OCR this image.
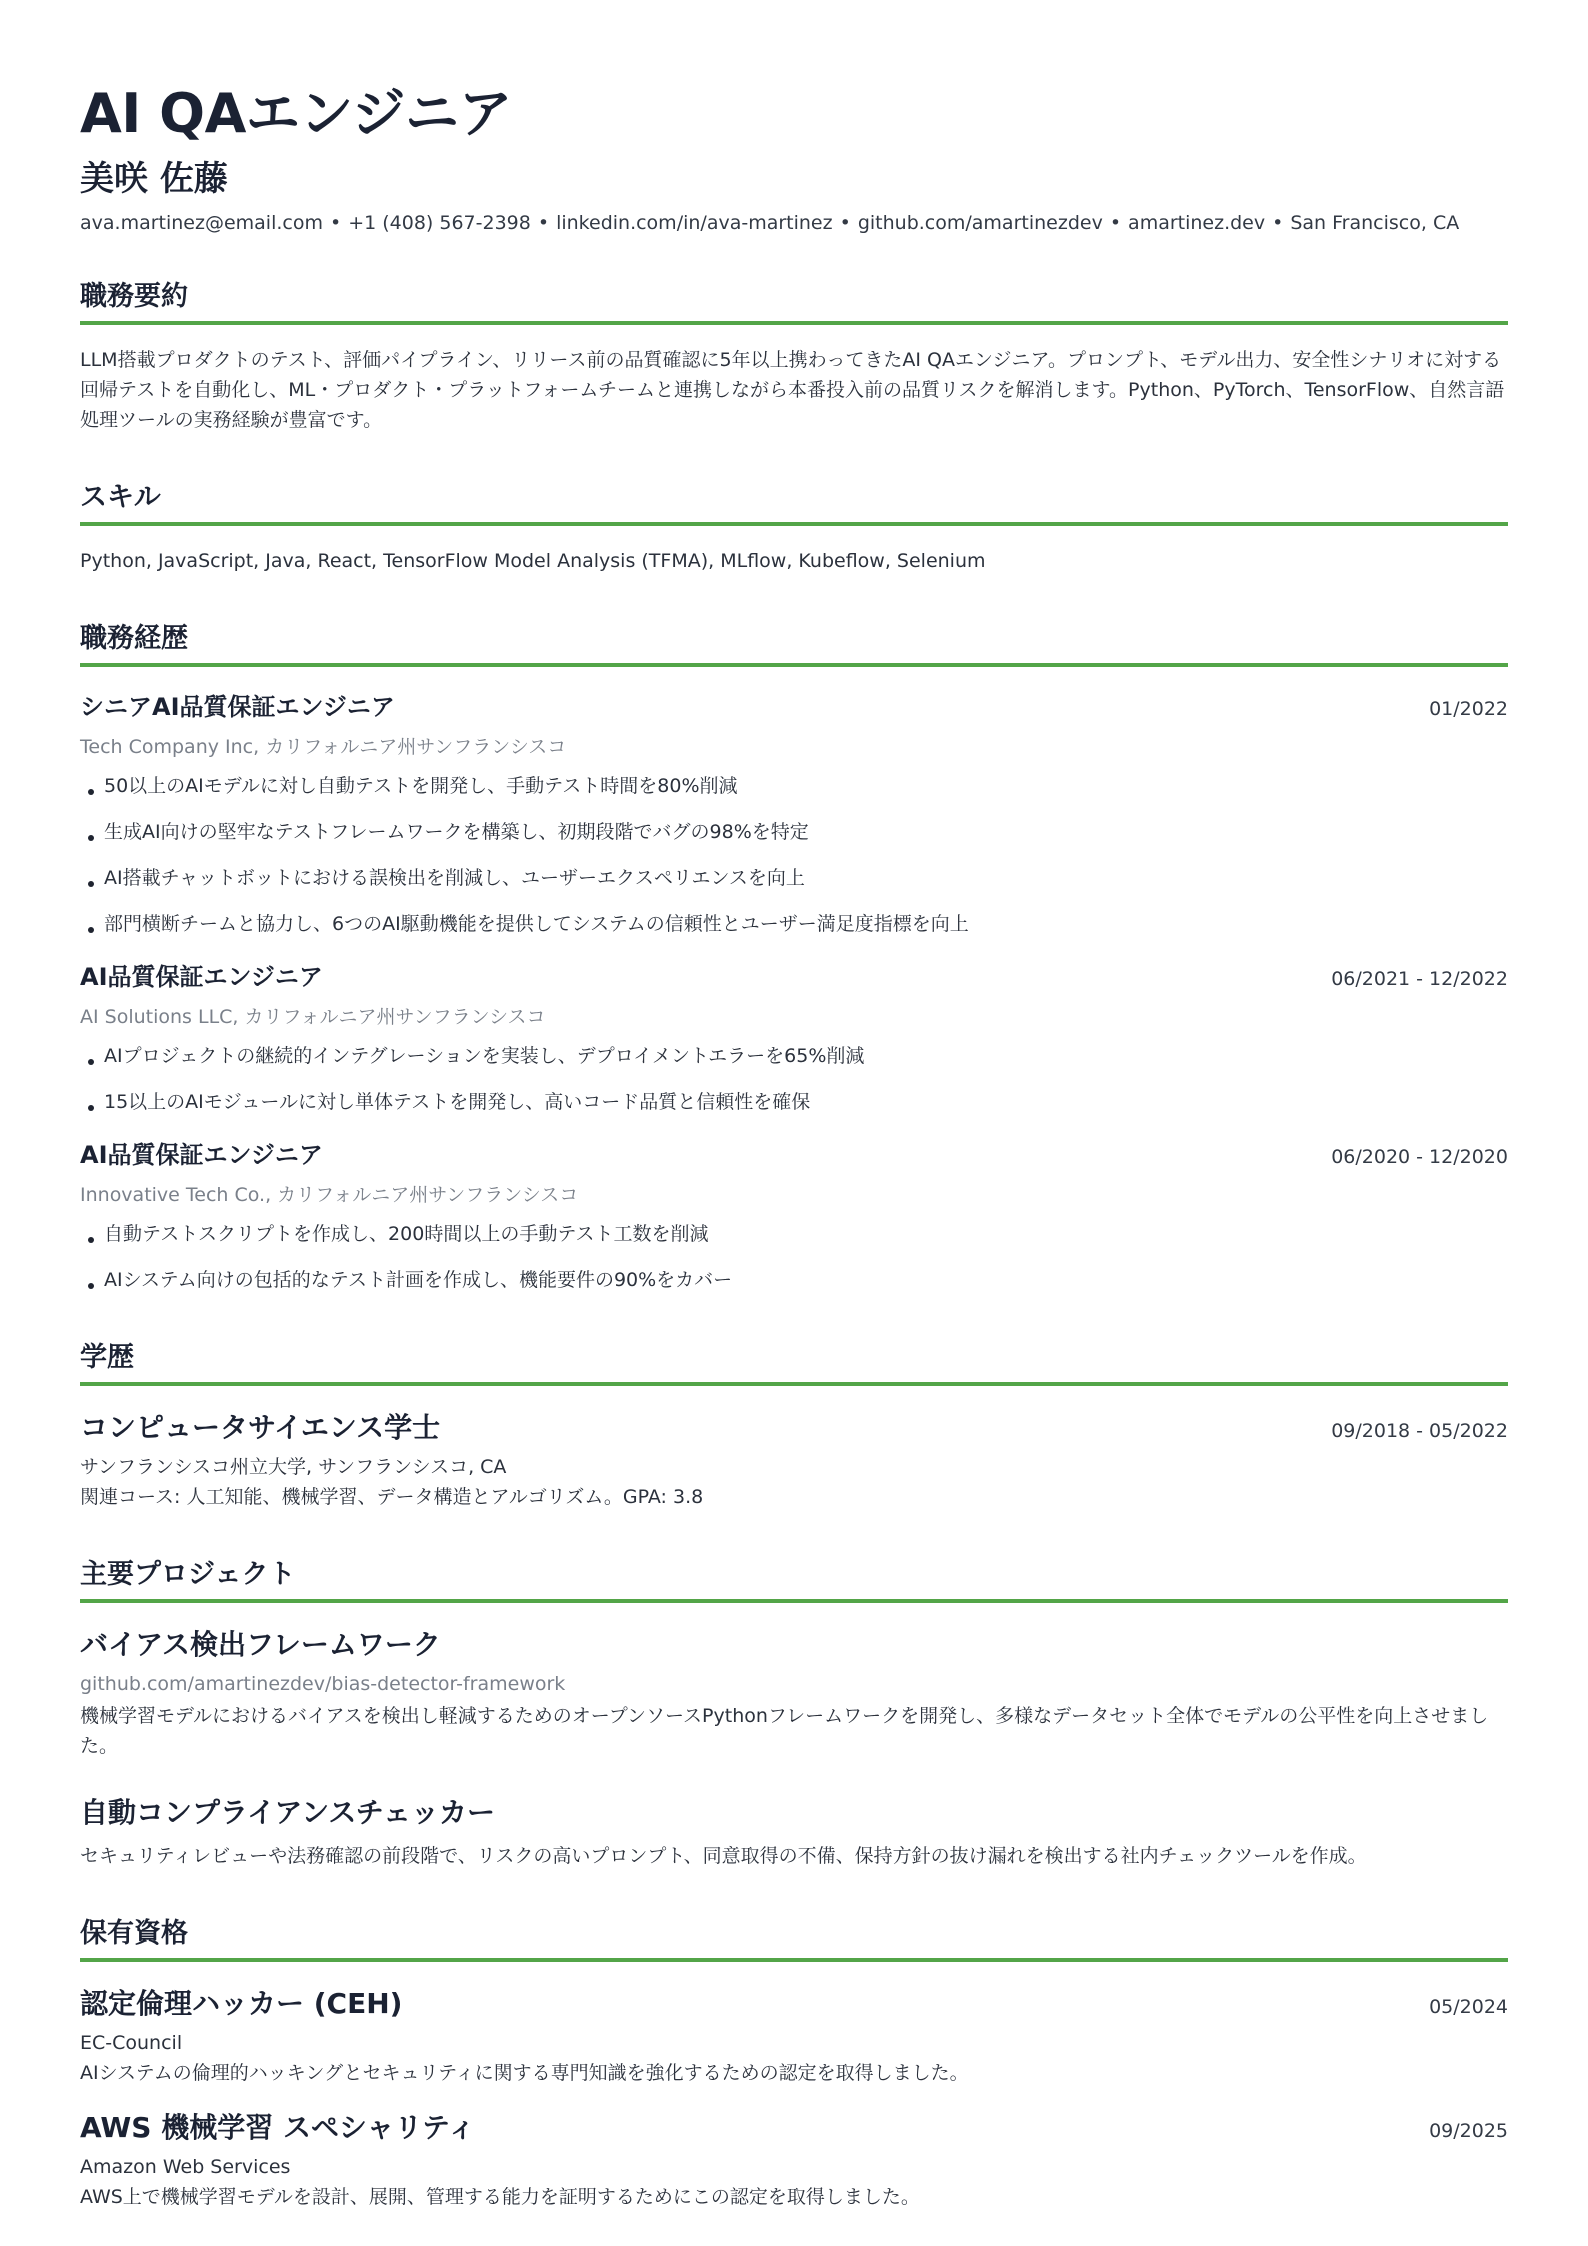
AI QAエンジニア
美咲 佐藤
ava.martinez@email.com • +1 (408) 567-2398 • linkedin.com/in/ava-martinez • github.com/amartinezdev • amartinez.dev • San Francisco, CA
職務要約

LLM搭載プロダクトのテスト、評価パイプライン、リリース前の品質確認に5年以上携わってきたAI QAエンジニア。プロンプト、モデル出力、安全性シナリオに対する回帰テストを自動化し、ML・プロダクト・プラットフォームチームと連携しながら本番投入前の品質リスクを解消します。Python、PyTorch、TensorFlow、自然言語処理ツールの実務経験が豊富です。

スキル

Python, JavaScript, Java, React, TensorFlow Model Analysis (TFMA), MLflow, Kubeflow, Selenium

職務経歴
シニアAI品質保証エンジニア	01/2022
Tech Company Inc, カリフォルニア州サンフランシスコ
50以上のAIモデルに対し自動テストを開発し、手動テスト時間を80%削減
生成AI向けの堅牢なテストフレームワークを構築し、初期段階でバグの98%を特定
AI搭載チャットボットにおける誤検出を削減し、ユーザーエクスペリエンスを向上
部門横断チームと協力し、6つのAI駆動機能を提供してシステムの信頼性とユーザー満足度指標を向上
AI品質保証エンジニア	06/2021 - 12/2022
AI Solutions LLC, カリフォルニア州サンフランシスコ
AIプロジェクトの継続的インテグレーションを実装し、デプロイメントエラーを65%削減
15以上のAIモジュールに対し単体テストを開発し、高いコード品質と信頼性を確保
AI品質保証エンジニア	06/2020 - 12/2020
Innovative Tech Co., カリフォルニア州サンフランシスコ
自動テストスクリプトを作成し、200時間以上の手動テスト工数を削減
AIシステム向けの包括的なテスト計画を作成し、機能要件の90%をカバー
学歴
コンピュータサイエンス学士	09/2018 - 05/2022
サンフランシスコ州立大学, サンフランシスコ, CA
関連コース: 人工知能、機械学習、データ構造とアルゴリズム。GPA: 3.8
主要プロジェクト
バイアス検出フレームワーク
github.com/amartinezdev/bias-detector-framework

機械学習モデルにおけるバイアスを検出し軽減するためのオープンソースPythonフレームワークを開発し、多様なデータセット全体でモデルの公平性を向上させました。

自動コンプライアンスチェッカー

セキュリティレビューや法務確認の前段階で、リスクの高いプロンプト、同意取得の不備、保持方針の抜け漏れを検出する社内チェックツールを作成。

保有資格
認定倫理ハッカー (CEH)	05/2024
EC-Council
AIシステムの倫理的ハッキングとセキュリティに関する専門知識を強化するための認定を取得しました。
AWS 機械学習 スペシャリティ	09/2025
Amazon Web Services
AWS上で機械学習モデルを設計、展開、管理する能力を証明するためにこの認定を取得しました。
